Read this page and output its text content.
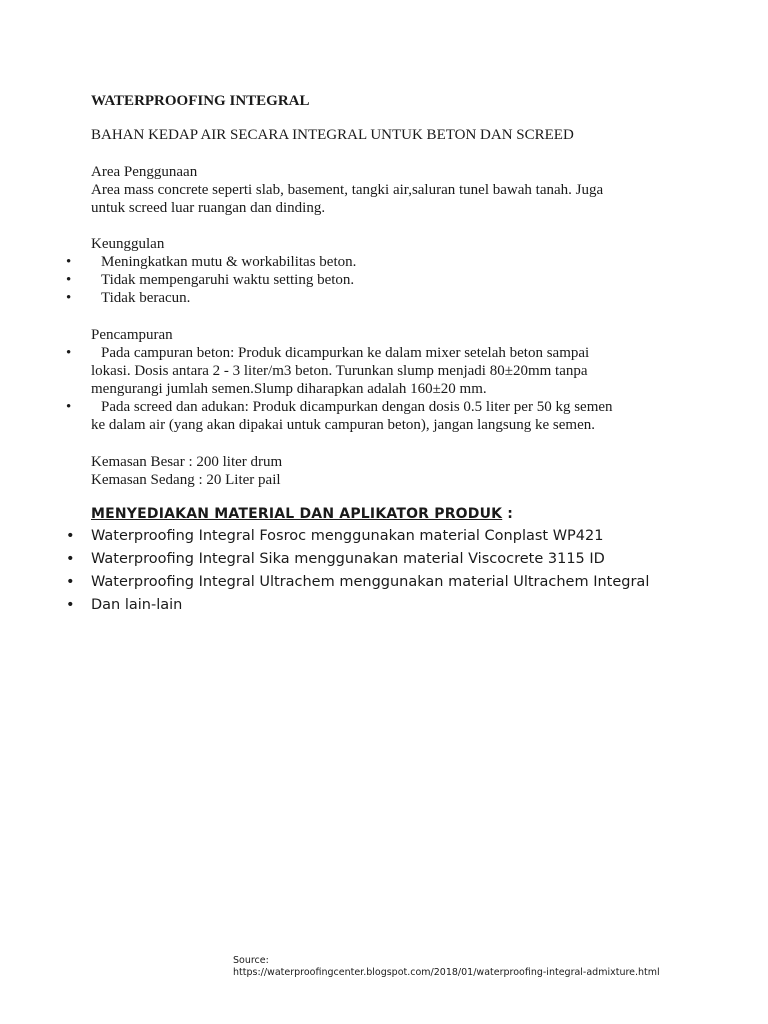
WATERPROOFING INTEGRAL
BAHAN KEDAP AIR SECARA INTEGRAL UNTUK BETON DAN SCREED

Area Penggunaan

Area mass concrete seperti slab, basement, tangki air,saluran tunel bawah tanah. Juga

untuk screed luar ruangan dan dinding.

Keunggulan
•	Meningkatkan mutu & workabilitas beton.
•	Tidak mempengaruhi waktu setting beton.
•	Tidak beracun.
Pencampuran
•	Pada campuran beton: Produk dicampurkan ke dalam mixer setelah beton sampai
lokasi. Dosis antara 2 - 3 liter/m3 beton. Turunkan slump menjadi 80±20mm tanpa
mengurangi jumlah semen.Slump diharapkan adalah 160±20 mm.
•	Pada screed dan adukan: Produk dicampurkan dengan dosis 0.5 liter per 50 kg semen
ke dalam air (yang akan dipakai untuk campuran beton), jangan langsung ke semen.

Kemasan Besar : 200 liter drum

Kemasan Sedang : 20 Liter pail

MENYEDIAKAN MATERIAL DAN APLIKATOR PRODUK :
• Waterproofing Integral Fosroc menggunakan material Conplast WP421
• Waterproofing Integral Sika menggunakan material Viscocrete 3115 ID
• Waterproofing Integral Ultrachem menggunakan material Ultrachem Integral
• Dan lain-lain
Source:
https://waterproofingcenter.blogspot.com/2018/01/waterproofing-integral-admixture.html
